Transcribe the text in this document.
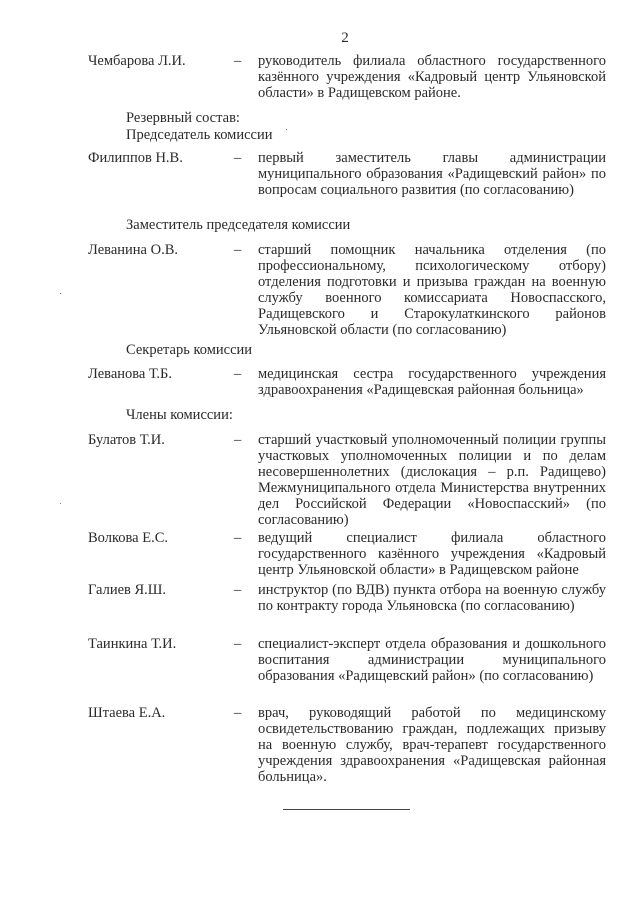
2
Чембарова Л.И.	– руководитель филиала областного государственного казённого учреждения «Кадровый центр Ульяновской области» в Радищевском районе.
Резервный состав:
Председатель комиссии
Филиппов Н.В.	– первый заместитель главы администрации муниципального образования «Радищевский район» по вопросам социального развития (по согласованию)
Заместитель председателя комиссии
Леванина О.В.	– старший помощник начальника отделения (по профессиональному, психологическому отбору) отделения подготовки и призыва граждан на военную службу военного комиссариата Новоспасского, Радищевского и Старокулаткинского районов Ульяновской области (по согласованию)
Секретарь комиссии
Леванова Т.Б.	– медицинская сестра государственного учреждения здравоохранения «Радищевская районная больница»
Члены комиссии:
Булатов Т.И.	– старший участковый уполномоченный полиции группы участковых уполномоченных полиции и по делам несовершеннолетних (дислокация – р.п. Радищево) Межмуниципального отдела Министерства внутренних дел Российской Федерации «Новоспасский» (по согласованию)
Волкова Е.С.	– ведущий специалист филиала областного государственного казённого учреждения «Кадровый центр Ульяновской области» в Радищевском районе
Галиев Я.Ш.	– инструктор (по ВДВ) пункта отбора на военную службу по контракту города Ульяновска (по согласованию)
Таинкина Т.И.	– специалист-эксперт отдела образования и дошкольного воспитания администрации муниципального образования «Радищевский район» (по согласованию)
Штаева Е.А.	– врач, руководящий работой по медицинскому освидетельствованию граждан, подлежащих призыву на военную службу, врач-терапевт государственного учреждения здравоохранения «Радищевская районная больница».
